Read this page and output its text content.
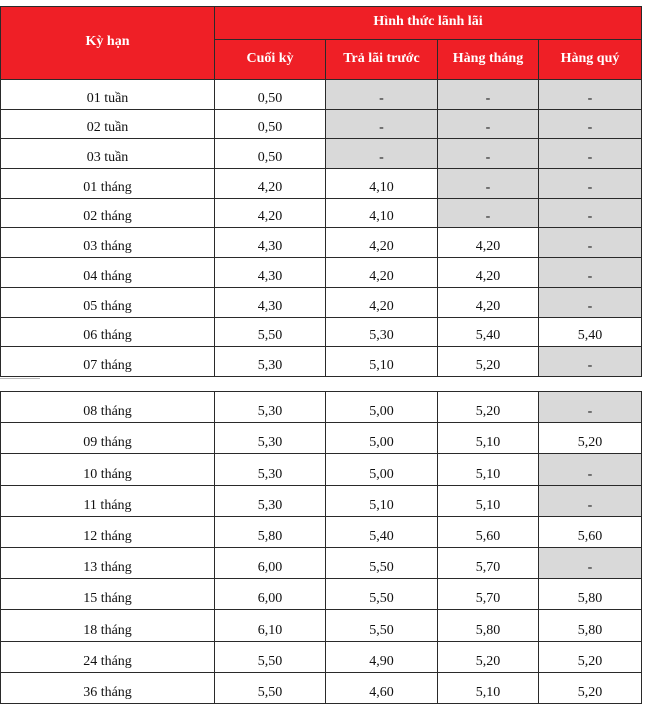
Kỳ hạn	Hình thức lãnh lãi			
	Cuối kỳ	Trả lãi trước	Hàng tháng	Hàng quý
01 tuần	0,50	-	-	-
02 tuần	0,50	-	-	-
03 tuần	0,50	-	-	-
01 tháng	4,20	4,10	-	-
02 tháng	4,20	4,10	-	-
03 tháng	4,30	4,20	4,20	-
04 tháng	4,30	4,20	4,20	-
05 tháng	4,30	4,20	4,20	-
06 tháng	5,50	5,30	5,40	5,40
07 tháng	5,30	5,10	5,20	-
08 tháng	5,30	5,00	5,20	-
09 tháng	5,30	5,00	5,10	5,20
10 tháng	5,30	5,00	5,10	-
11 tháng	5,30	5,10	5,10	-
12 tháng	5,80	5,40	5,60	5,60
13 tháng	6,00	5,50	5,70	-
15 tháng	6,00	5,50	5,70	5,80
18 tháng	6,10	5,50	5,80	5,80
24 tháng	5,50	4,90	5,20	5,20
36 tháng	5,50	4,60	5,10	5,20
